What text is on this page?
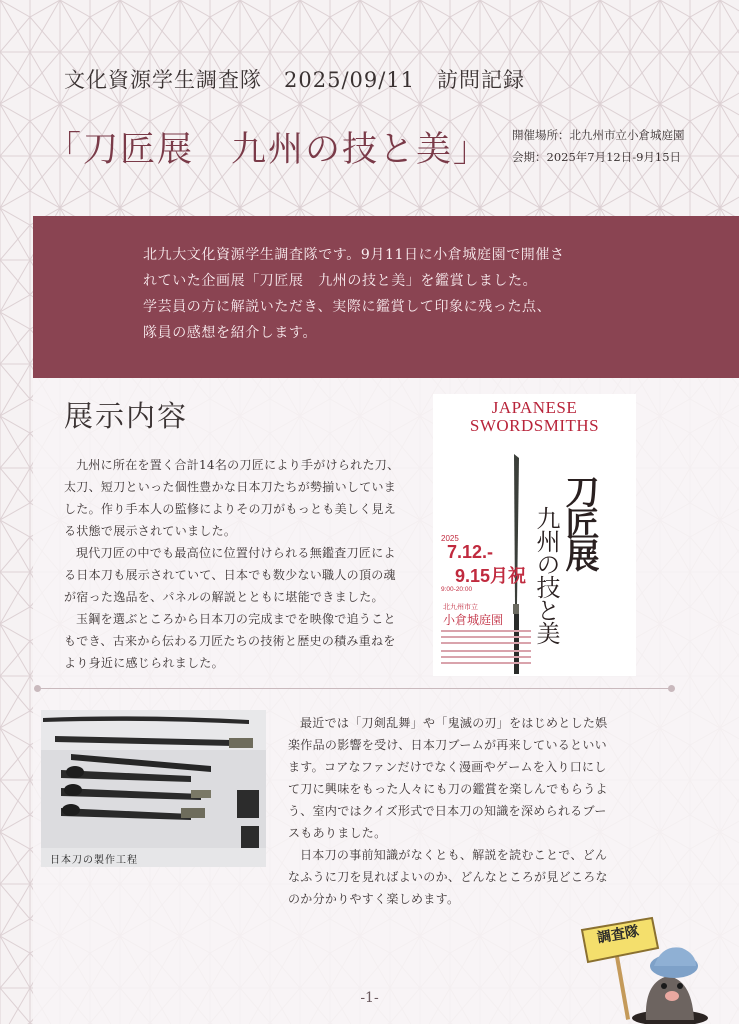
文化資源学生調査隊　2025/09/11　訪問記録
「刀匠展　九州の技と美」 開催場所：北九州市立小倉城庭園
会期：2025年7月12日-9月15日
北九大文化資源学生調査隊です。9月11日に小倉城庭園で開催さ
れていた企画展「刀匠展　九州の技と美」を鑑賞しました。
学芸員の方に解説いただき、実際に鑑賞して印象に残った点、
隊員の感想を紹介します。
展示内容

九州に所在を置く合計14名の刀匠により手がけられた刀、太刀、短刀といった個性豊かな日本刀たちが勢揃いしていました。作り手本人の監修によりその刀がもっとも美しく見える状態で展示されていました。

現代刀匠の中でも最高位に位置付けられる無鑑査刀匠による日本刀も展示されていて、日本でも数少ない職人の頂の魂が宿った逸品を、パネルの解説とともに堪能できました。

玉鋼を選ぶところから日本刀の完成までを映像で追うこともでき、古来から伝わる刀匠たちの技術と歴史の積み重ねをより身近に感じられました。

JAPANESE
SWORDSMITHS
刀匠展
九州の技と美
2025
7.12.-
9.15月祝
9:00-20:00
北九州市立
小倉城庭園
日本刀の製作工程

最近では「刀剣乱舞」や「鬼滅の刃」をはじめとした娯楽作品の影響を受け、日本刀ブームが再来しているといいます。コアなファンだけでなく漫画やゲームを入り口にして刀に興味をもった人々にも刀の鑑賞を楽しんでもらうよう、室内ではクイズ形式で日本刀の知識を深められるブースもありました。

日本刀の事前知識がなくとも、解説を読むことで、どんなふうに刀を見ればよいのか、どんなところが見どころなのか分かりやすく楽しめます。

調査隊
-1-
